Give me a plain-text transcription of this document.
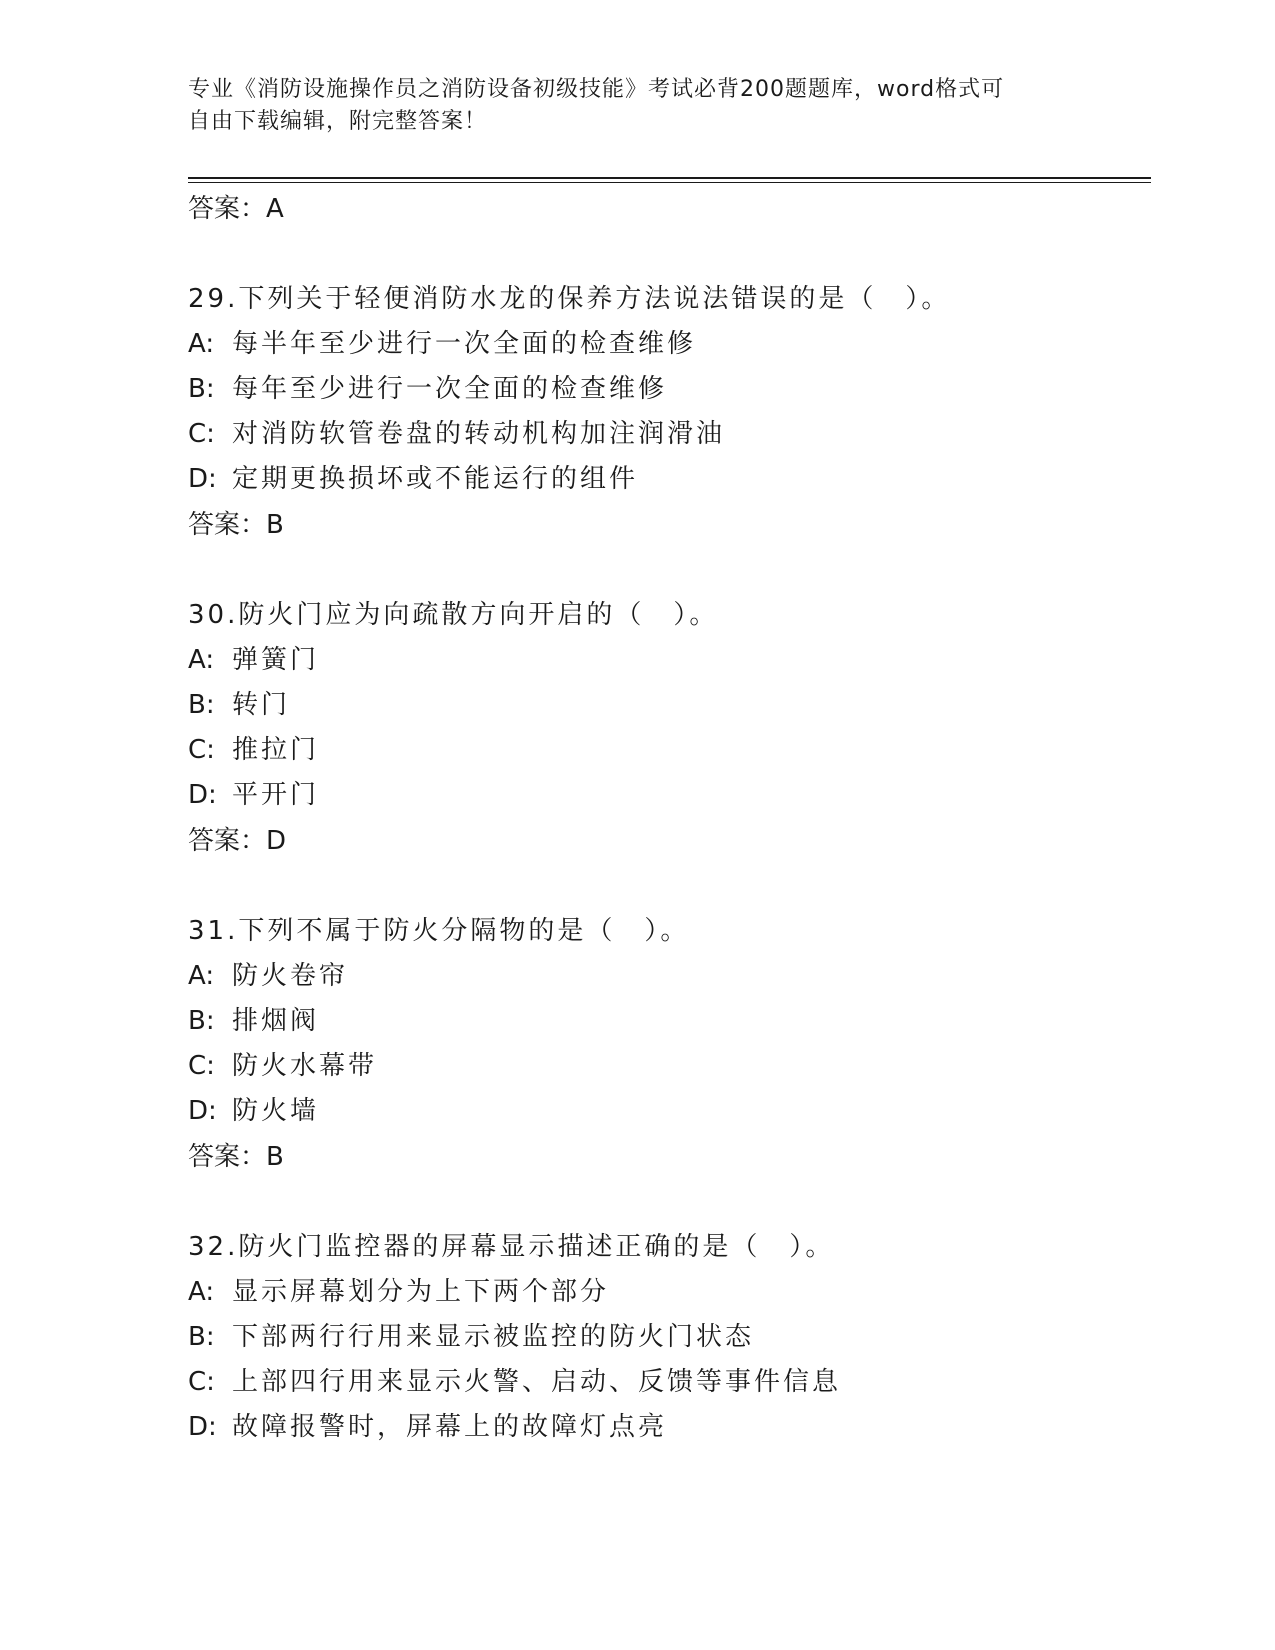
专业《消防设施操作员之消防设备初级技能》考试必背200题题库，word格式可
自由下载编辑，附完整答案！
答案：A
29.下列关于轻便消防水龙的保养方法说法错误的是（　）。
A: 每半年至少进行一次全面的检查维修
B: 每年至少进行一次全面的检查维修
C: 对消防软管卷盘的转动机构加注润滑油
D: 定期更换损坏或不能运行的组件
答案：B
30.防火门应为向疏散方向开启的（　）。
A: 弹簧门
B: 转门
C: 推拉门
D: 平开门
答案：D
31.下列不属于防火分隔物的是（　）。
A: 防火卷帘
B: 排烟阀
C: 防火水幕带
D: 防火墙
答案：B
32.防火门监控器的屏幕显示描述正确的是（　）。
A: 显示屏幕划分为上下两个部分
B: 下部两行行用来显示被监控的防火门状态
C: 上部四行用来显示火警、启动、反馈等事件信息
D: 故障报警时，屏幕上的故障灯点亮
